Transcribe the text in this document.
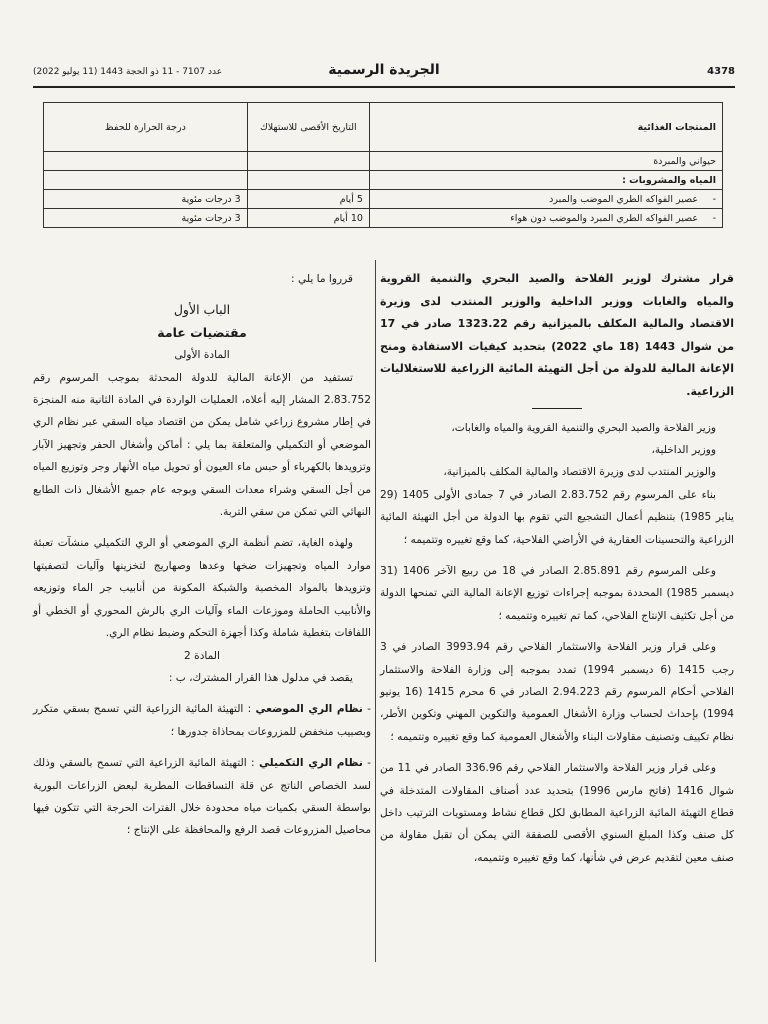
4378
الجريدة الرسمية
عدد 7107 - 11 ذو الحجة 1443 (11 يوليو 2022)
المنتجات الغذائية	التاريخ الأقصى للاستهلاك	درجة الحرارة للحفظ
حيواني والمبردة		
المياه والمشروبات :		
-عصير الفواكه الطري الموضب والمبرد	5 أيام	3 درجات مئوية
-عصير الفواكه الطري المبرد والموضب دون هواء	10 أيام	3 درجات مئوية

قرار مشترك لوزير الفلاحة والصيد البحري والتنمية القروية والمياه والغابات ووزير الداخلية والوزير المنتدب لدى وزيرة الاقتصاد والمالية المكلف بالميزانية رقم 1323.22 صادر في 17 من شوال 1443 (18 ماي 2022) بتحديد كيفيات الاستفادة ومنح الإعانة المالية للدولة من أجل التهيئة المائية الزراعية للاستغلاليات الزراعية.

وزير الفلاحة والصيد البحري والتنمية القروية والمياه والغابات،

ووزير الداخلية،

والوزير المنتدب لدى وزيرة الاقتصاد والمالية المكلف بالميزانية،

بناء على المرسوم رقم 2.83.752 الصادر في 7 جمادى الأولى 1405 (29 يناير 1985) بتنظيم أعمال التشجيع التي تقوم بها الدولة من أجل التهيئة المائية الزراعية والتحسينات العقارية في الأراضي الفلاحية، كما وقع تغييره وتتميمه ؛

وعلى المرسوم رقم 2.85.891 الصادر في 18 من ربيع الآخر 1406 (31 ديسمبر 1985) المحددة بموجبه إجراءات توزيع الإعانة المالية التي تمنحها الدولة من أجل تكثيف الإنتاج الفلاحي، كما تم تغييره وتتميمه ؛

وعلى قرار وزير الفلاحة والاستثمار الفلاحي رقم 3993.94 الصادر في 3 رجب 1415 (6 ديسمبر 1994) تمدد بموجبه إلى وزارة الفلاحة والاستثمار الفلاحي أحكام المرسوم رقم 2.94.223 الصادر في 6 محرم 1415 (16 يونيو 1994) بإحداث لحساب وزارة الأشغال العمومية والتكوين المهني وتكوين الأطر، نظام تكييف وتصنيف مقاولات البناء والأشغال العمومية كما وقع تغييره وتتميمه ؛

وعلى قرار وزير الفلاحة والاستثمار الفلاحي رقم 336.96 الصادر في 11 من شوال 1416 (فاتح مارس 1996) بتحديد عدد أصناف المقاولات المتدخلة في قطاع التهيئة المائية الزراعية المطابق لكل قطاع نشاط ومستويات الترتيب داخل كل صنف وكذا المبلغ السنوي الأقصى للصفقة التي يمكن أن تقبل مقاولة من صنف معين لتقديم عرض في شأنها، كما وقع تغييره وتتميمه،

قرروا ما يلي :

الباب الأول

مقتضيات عامة

المادة الأولى

تستفيد من الإعانة المالية للدولة المحدثة بموجب المرسوم رقم 2.83.752 المشار إليه أعلاه، العمليات الواردة في المادة الثانية منه المنجزة في إطار مشروع زراعي شامل يمكن من اقتصاد مياه السقي عبر نظام الري الموضعي أو التكميلي والمتعلقة بما يلي : أماكن وأشغال الحفر وتجهيز الآبار وتزويدها بالكهرباء أو حبس ماء العيون أو تحويل مياه الأنهار وجر وتوزيع المياه من أجل السقي وشراء معدات السقي وبوجه عام جميع الأشغال ذات الطابع النهائي التي تمكن من سقي التربة.

ولهذه الغاية، تضم أنظمة الري الموضعي أو الري التكميلي منشآت تعبئة موارد المياه وتجهيزات ضخها وعدها وصهاريج لتخزينها وآليات لتصفيتها وتزويدها بالمواد المخصبة والشبكة المكونة من أنابيب جر الماء وتوزيعه والأنابيب الحاملة وموزعات الماء وآليات الري بالرش المحوري أو الخطي أو اللفافات بتغطية شاملة وكذا أجهزة التحكم وضبط نظام الري.

المادة 2

يقصد في مدلول هذا القرار المشترك، ب :

- نظام الري الموضعي : التهيئة المائية الزراعية التي تسمح بسقي متكرر وبصبيب منخفض للمزروعات بمحاذاة جدورها ؛

- نظام الري التكميلي : التهيئة المائية الزراعية التي تسمح بالسقي وذلك لسد الخصاص الناتج عن قلة التساقطات المطرية لبعض الزراعات البورية بواسطة السقي بكميات مياه محدودة خلال الفترات الحرجة التي تتكون فيها محاصيل المزروعات قصد الرفع والمحافظة على الإنتاج ؛
